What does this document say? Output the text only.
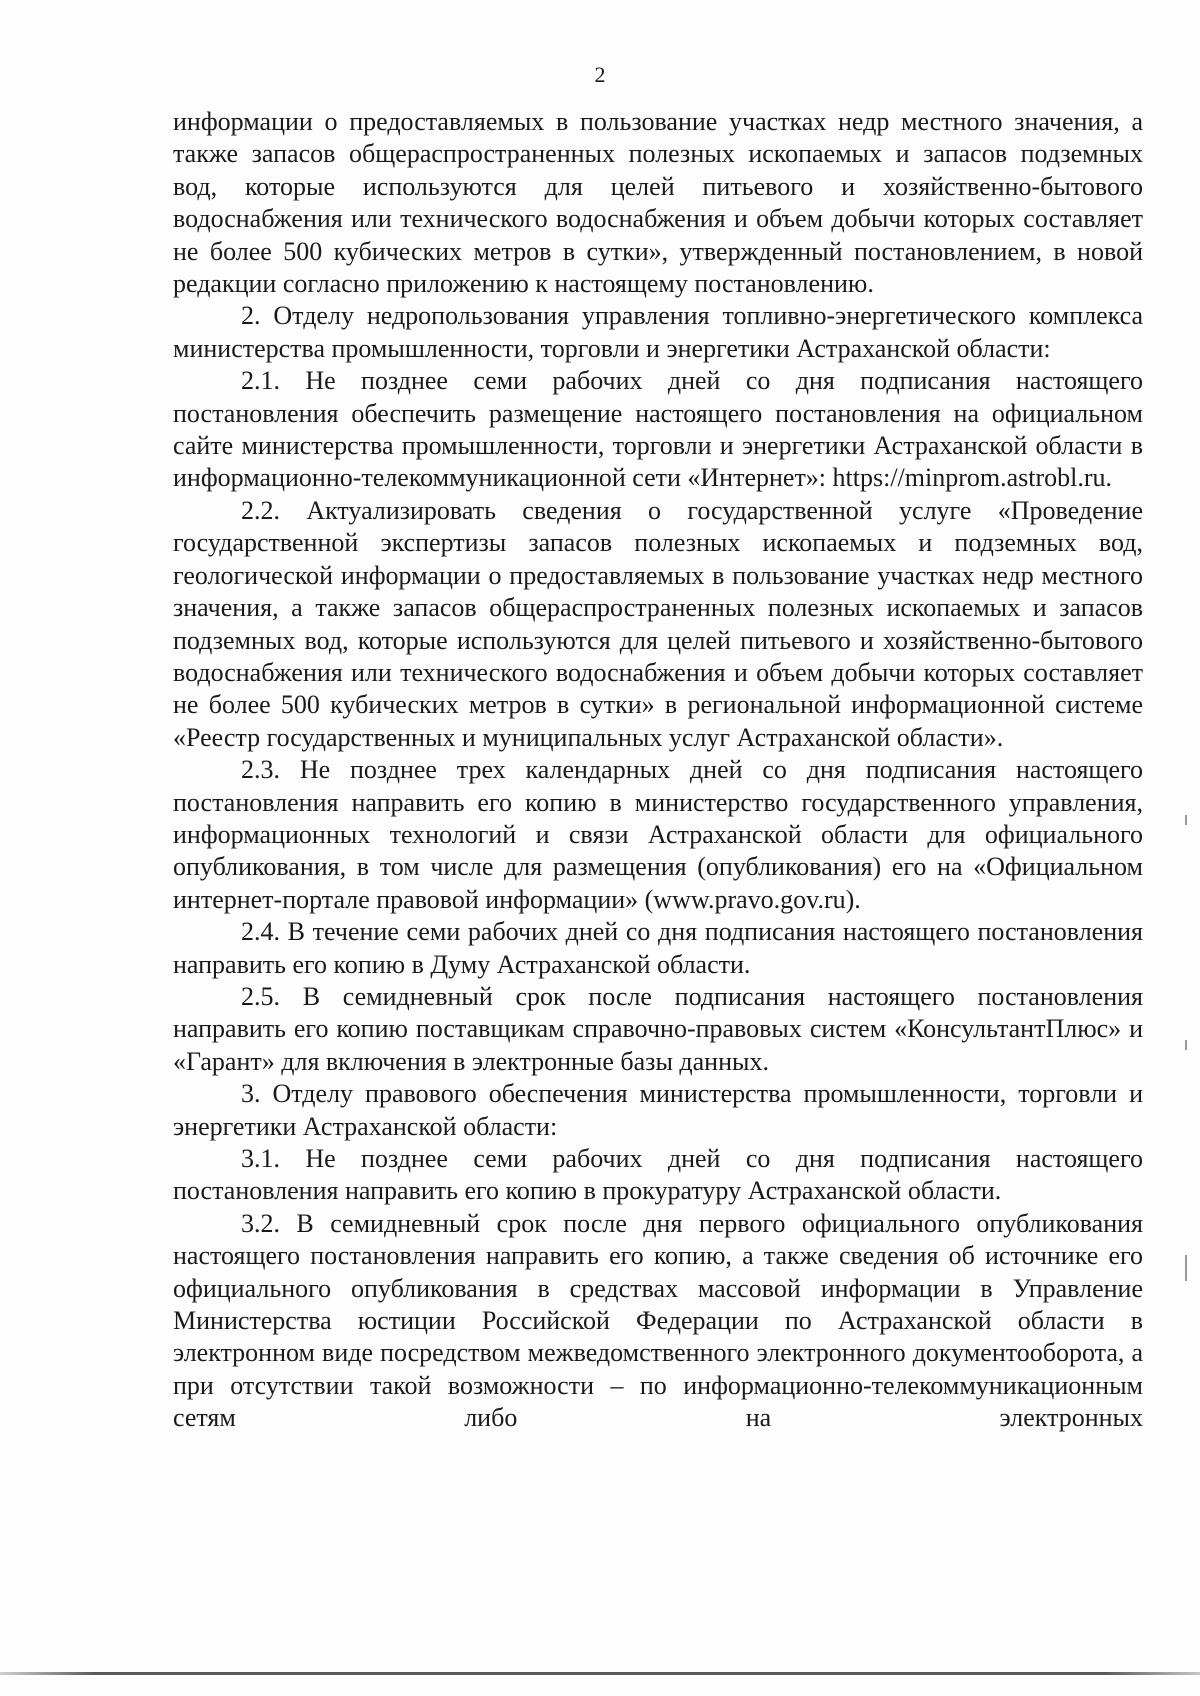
2

информации о предоставляемых в пользование участках недр местного значения, а также запасов общераспространенных полезных ископаемых и запасов подземных вод, которые используются для целей питьевого и хозяйственно-бытового водоснабжения или технического водоснабжения и объем добычи которых составляет не более 500 кубических метров в сутки», утвержденный постановлением, в новой редакции согласно приложению к настоящему постановлению.

2. Отделу недропользования управления топливно-энергетического комплекса министерства промышленности, торговли и энергетики Астраханской области:

2.1. Не позднее семи рабочих дней со дня подписания настоящего постановления обеспечить размещение настоящего постановления на официальном сайте министерства промышленности, торговли и энергетики Астраханской области в информационно-телекоммуникационной сети «Интернет»: https://minprom.astrobl.ru.

2.2. Актуализировать сведения о государственной услуге «Проведение государственной экспертизы запасов полезных ископаемых и подземных вод, геологической информации о предоставляемых в пользование участках недр местного значения, а также запасов общераспространенных полезных ископаемых и запасов подземных вод, которые используются для целей питьевого и хозяйственно-бытового водоснабжения или технического водоснабжения и объем добычи которых составляет не более 500 кубических метров в сутки» в региональной информационной системе «Реестр государственных и муниципальных услуг Астраханской области».

2.3. Не позднее трех календарных дней со дня подписания настоящего постановления направить его копию в министерство государственного управления, информационных технологий и связи Астраханской области для официального опубликования, в том числе для размещения (опубликования) его на «Официальном интернет-портале правовой информации» (www.pravo.gov.ru).

2.4. В течение семи рабочих дней со дня подписания настоящего постановления направить его копию в Думу Астраханской области.

2.5. В семидневный срок после подписания настоящего постановления направить его копию поставщикам справочно-правовых систем «КонсультантПлюс» и «Гарант» для включения в электронные базы данных.

3. Отделу правового обеспечения министерства промышленности, торговли и энергетики Астраханской области:

3.1. Не позднее семи рабочих дней со дня подписания настоящего постановления направить его копию в прокуратуру Астраханской области.

3.2. В семидневный срок после дня первого официального опубликования настоящего постановления направить его копию, а также сведения об источнике его официального опубликования в средствах массовой информации в Управление Министерства юстиции Российской Федерации по Астраханской области в электронном виде посредством межведомственного электронного документооборота, а при отсутствии такой возможности – по информационно-телекоммуникационным сетям либо на электронных
